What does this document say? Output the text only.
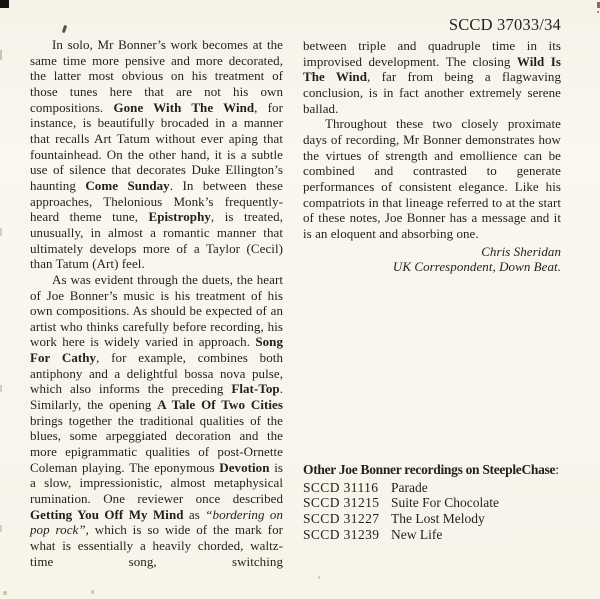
In solo, Mr Bonner’s work becomes at the same time more pensive and more decorated, the latter most obvious on his treatment of those tunes here that are not his own compositions. Gone With The Wind, for instance, is beautifully brocaded in a manner that recalls Art Tatum without ever aping that fountainhead. On the other hand, it is a subtle use of silence that decorates Duke Ellington’s haunting Come Sunday. In between these approaches, Thelonious Monk’s frequently-heard theme tune, Epistrophy, is treated, unusually, in almost a romantic manner that ultimately develops more of a Taylor (Cecil) than Tatum (Art) feel.

As was evident through the duets, the heart of Joe Bonner’s music is his treatment of his own compositions. As should be expected of an artist who thinks carefully before recording, his work here is widely varied in approach. Song For Cathy, for example, combines both antiphony and a delightful bossa nova pulse, which also informs the preceding Flat-Top. Similarly, the opening A Tale Of Two Cities brings together the traditional qualities of the blues, some arpeggiated decoration and the more epigrammatic qualities of post-Ornette Coleman playing. The eponymous Devotion is a slow, impressionistic, almost metaphysical rumination. One reviewer once described Getting You Off My Mind as “bordering on pop rock”, which is so wide of the mark for what is essentially a heavily chorded, waltz-time song, switching

SCCD 37033/34

between triple and quadruple time in its improvised development. The closing Wild Is The Wind, far from being a flagwaving conclusion, is in fact another extremely serene ballad.

Throughout these two closely proximate days of recording, Mr Bonner demonstrates how the virtues of strength and emollience can be combined and contrasted to generate performances of consistent elegance. Like his compatriots in that lineage referred to at the start of these notes, Joe Bonner has a message and it is an eloquent and absorbing one.

Chris Sheridan
UK Correspondent, Down Beat.
Other Joe Bonner recordings on SteepleChase:
SCCD 31116 Parade
SCCD 31215 Suite For Chocolate
SCCD 31227 The Lost Melody
SCCD 31239 New Life
